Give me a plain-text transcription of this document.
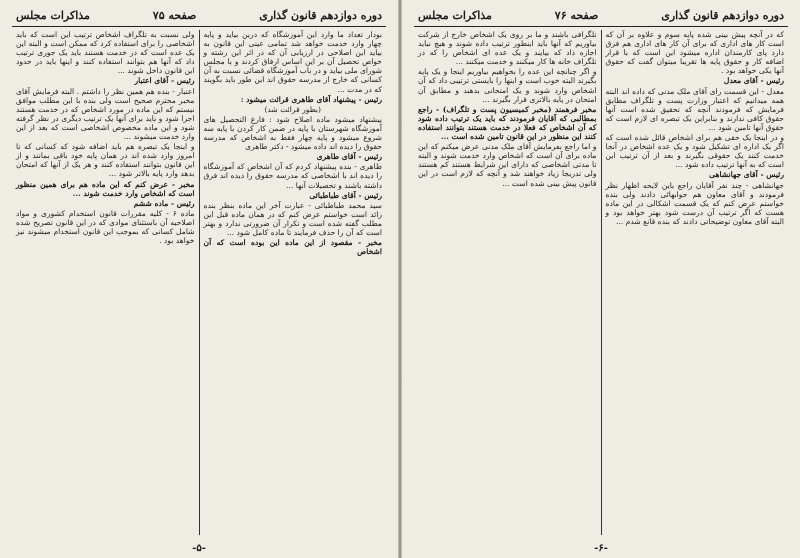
دوره دوازدهم قانون گذاری
صفحه ۷۵
مذاکرات مجلس

بودار تعداد ما وارد این آموزشگاه که درین بیاید و پایه چهار وارد خدمت خواهد شد تمامی عینی این قانون به بیاید این اصلاحی در ارزیابی آن که در اثر این رشته و خواص تحصیل آن بر این اساس ارفاق کردند و با مجلس شورای ملی بیاید و در باب آموزشگاه قضائی نسبت به آن کسانی که خارج از مدرسه حقوق اند این طور باید بگویند که در مدت ...

رئیس - پیشنهاد آقای طاهری قرائت میشود :

(بطور قرائت شد)

پیشنهاد میشود ماده اصلاح شود : فارغ التحصیل های آموزشگاه شهرستان با پایه در ضمن کار کردن با پایه سه شروع میشود و پایه چهار فقط به اشخاص که مدرسه حقوق را دیده اند داده میشود - دکتر طاهری

رئیس - آقای طاهری

طاهری - بنده پیشنهاد کردم که آن اشخاص که آموزشگاه را دیده اند با اشخاصی که مدرسه حقوق را دیده اند فرق داشته باشند و تحصیلات آنها ...

رئیس - آقای طباطبائی

سید محمد طباطبائی - عبارت آخر این ماده بنظر بنده زائد است خواستم عرض کنم که در همان ماده قبل این مطلب گفته شده است و تکرار آن ضرورتی ندارد و بهتر است که آن را حذف فرمایند تا ماده کامل شود ...

مخبر - مقصود از این ماده این بوده است که آن اشخاص

ولی نسبت به تلگراف اشخاص ترتیب این است که باید اشخاصی را برای استفاده کرد که ممکن است و البته این یک عده است که در خدمت هستند باید یک جوری ترتیب داد که آنها هم بتوانند استفاده کنند و اینها باید در حدود این قانون داخل شوند ...

رئیس - آقای اعتبار

اعتبار - بنده هم همین نظر را داشتم . البته فرمایش آقای مخبر محترم صحیح است ولی بنده با این مطلب موافق نیستم که این ماده در مورد اشخاص که در خدمت هستند اجرا شود و باید برای آنها یک ترتیب دیگری در نظر گرفته شود و این ماده مخصوص اشخاصی است که بعد از این وارد خدمت میشوند ...

و اینجا یک تبصره هم باید اضافه شود که کسانی که تا امروز وارد شده اند در همان پایه خود باقی بمانند و از این قانون بتوانند استفاده کنند و هر یک از آنها که امتحان بدهد وارد پایه بالاتر شود ...

مخبر - عرض کنم که این ماده هم برای همین منظور است که اشخاص وارد خدمت شوند ...

رئیس - ماده ششم

ماده ۶ - کلیه مقررات قانون استخدام کشوری و مواد اصلاحیه آن باستثنای موادی که در این قانون تصریح شده شامل کسانی که بموجب این قانون استخدام میشوند نیز خواهد بود .

-۵-
دوره دوازدهم قانون گذاری
صفحه ۷۶
مذاکرات مجلس

که در آنچه پیش بینی شده پایه سوم و علاوه بر آن که است کار های اداری که برای آن کار های اداری هم فرق دارد پای کارمندان اداره میشود این است که با قرار اضافه کار و حقوق پایه ها تقریبا میتوان گفت که حقوق آنها یکی خواهد بود .

رئیس - آقای معدل

معدل - این قسمت رای آقای ملک مدنی که داده اند البته همه میدانیم که اعتبار وزارت پست و تلگراف مطابق فرمایش که فرمودند آنچه که تحقیق شده است آنها حقوق کافی ندارند و بنابراین یک تبصره ای لازم است که حقوق آنها تامین شود ...

و در اینجا یک حقی هم برای اشخاص قائل شده است که اگر یک اداره ای تشکیل شود و یک عده اشخاص در آنجا خدمت کنند یک حقوقی بگیرند و بعد از آن ترتیب این است که به آنها ترتیب داده شود ...

رئیس - آقای جهانشاهی

جهانشاهی - چند نفر آقایان راجع باین لایحه اظهار نظر فرمودند و آقای معاون هم جوابهائی دادند ولی بنده خواستم عرض کنم که یک قسمت اشکالی در این ماده هست که اگر ترتیب آن درست شود بهتر خواهد بود و البته آقای معاون توضیحاتی دادند که بنده قانع شدم ...

تلگرافی باشند و ما بر روی یک اشخاص خارج از شرکت بیاوریم که آنها باید اینطور ترتیب داده شوند و هیچ نباید اجازه داد که بیایند و یک عده ای اشخاص را که در تلگراف خانه ها کار میکنند و خدمت میکنند ...

و اگر چنانچه این عده را بخواهیم بیاوریم اینجا و یک پایه بگیرند البته خوب است و اینها را بایستی ترتیبی داد که آن اشخاص وارد شوند و یک امتحانی بدهند و مطابق آن امتحان در پایه بالاتری قرار بگیرند ...

مخبر فرهمند (مخبر کمیسیون پست و تلگراف) - راجع بمطالبی که آقایان فرمودند که باید یک ترتیب داده شود که آن اشخاص که فعلا در خدمت هستند بتوانند استفاده کنند این منظور در این قانون تامین شده است ...

و اما راجع بفرمایش آقای ملک مدنی عرض میکنم که این ماده برای آن است که اشخاص وارد خدمت شوند و البته تا مدتی اشخاصی که دارای این شرایط هستند کم هستند ولی تدریجا زیاد خواهند شد و آنچه که لازم است در این قانون پیش بینی شده است ...

-۶-
